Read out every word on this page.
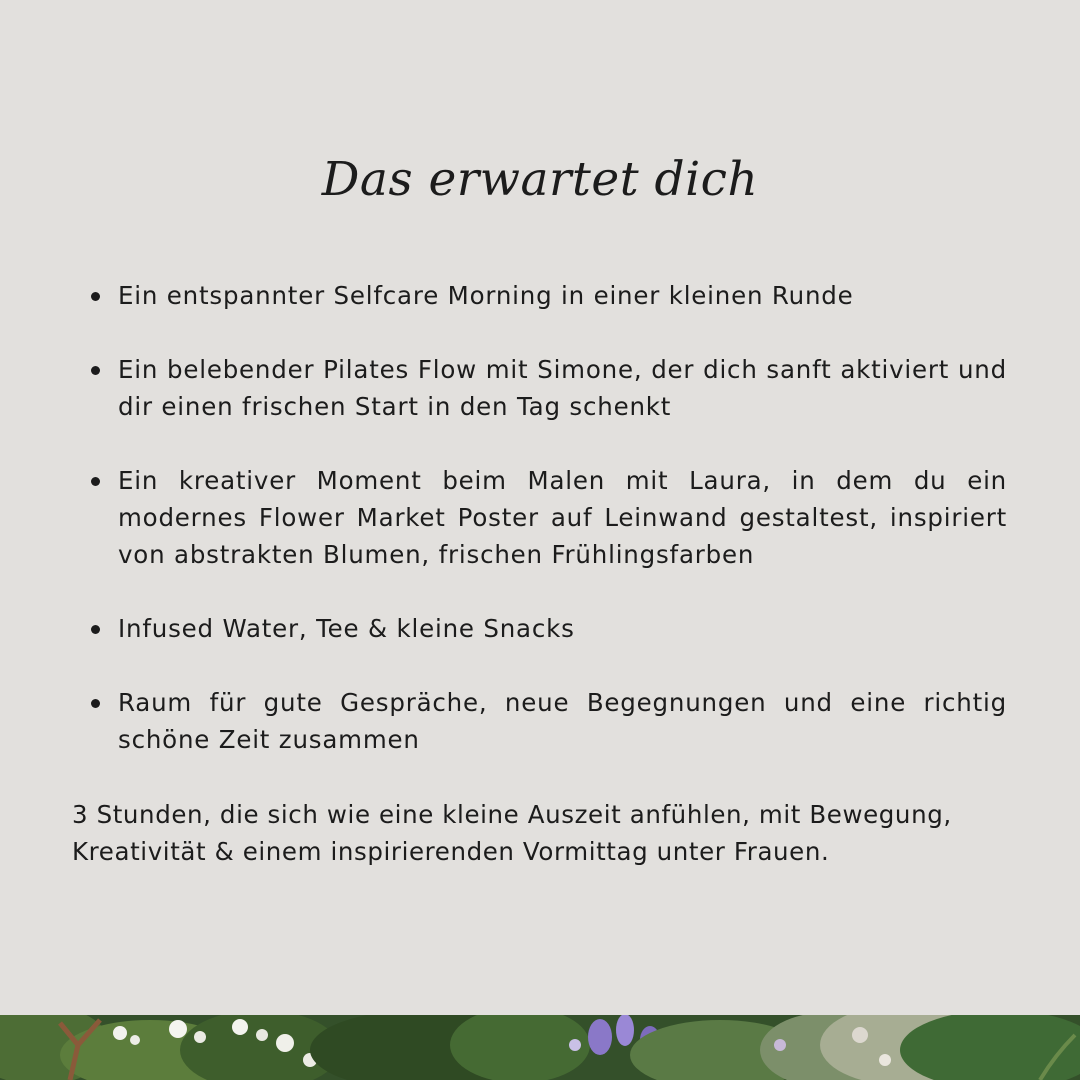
Das erwartet dich
Ein entspannter Selfcare Morning in einer kleinen Runde
Ein belebender Pilates Flow mit Simone, der dich sanft aktiviert und dir einen frischen Start in den Tag schenkt
Ein kreativer Moment beim Malen mit Laura, in dem du ein modernes Flower Market Poster auf Leinwand gestaltest, inspiriert von abstrakten Blumen, frischen Frühlingsfarben
Infused Water, Tee & kleine Snacks
Raum für gute Gespräche, neue Begegnungen und eine richtig schöne Zeit zusammen

3 Stunden, die sich wie eine kleine Auszeit anfühlen, mit Bewegung, Kreativität & einem inspirierenden Vormittag unter Frauen.
